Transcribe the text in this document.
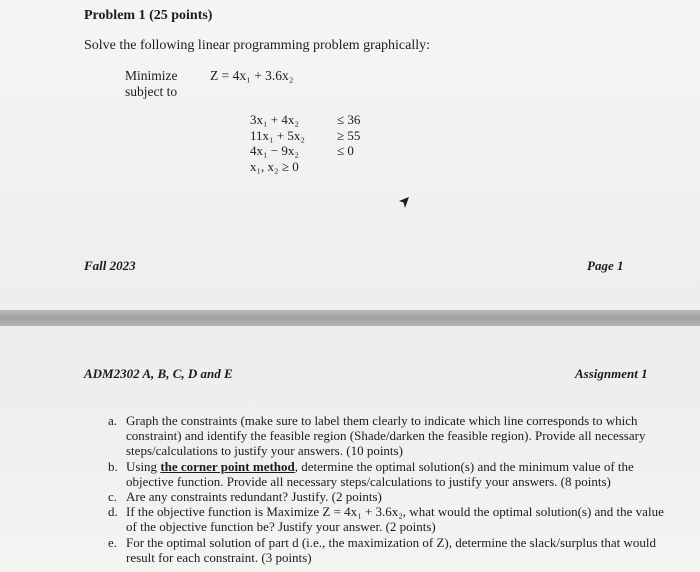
Problem 1 (25 points)
Solve the following linear programming problem graphically:
Minimize
subject to
Z = 4x₁ + 3.6x₂
3x₁ + 4x₂
11x₁ + 5x₂
4x₁ − 9x₂
x₁, x₂ ≥ 0
≤ 36
≥ 55
≤ 0
Fall 2023	Page 1
ADM2302 A, B, C, D and E	Assignment 1
a. Graph the constraints (make sure to label them clearly to indicate which line corresponds to which constraint) and identify the feasible region (Shade/darken the feasible region). Provide all necessary steps/calculations to justify your answers. (10 points)
b. Using the corner point method, determine the optimal solution(s) and the minimum value of the objective function. Provide all necessary steps/calculations to justify your answers. (8 points)
c. Are any constraints redundant? Justify. (2 points)
d. If the objective function is Maximize Z = 4x₁ + 3.6x₂, what would the optimal solution(s) and the value of the objective function be? Justify your answer. (2 points)
e. For the optimal solution of part d (i.e., the maximization of Z), determine the slack/surplus that would result for each constraint. (3 points)
